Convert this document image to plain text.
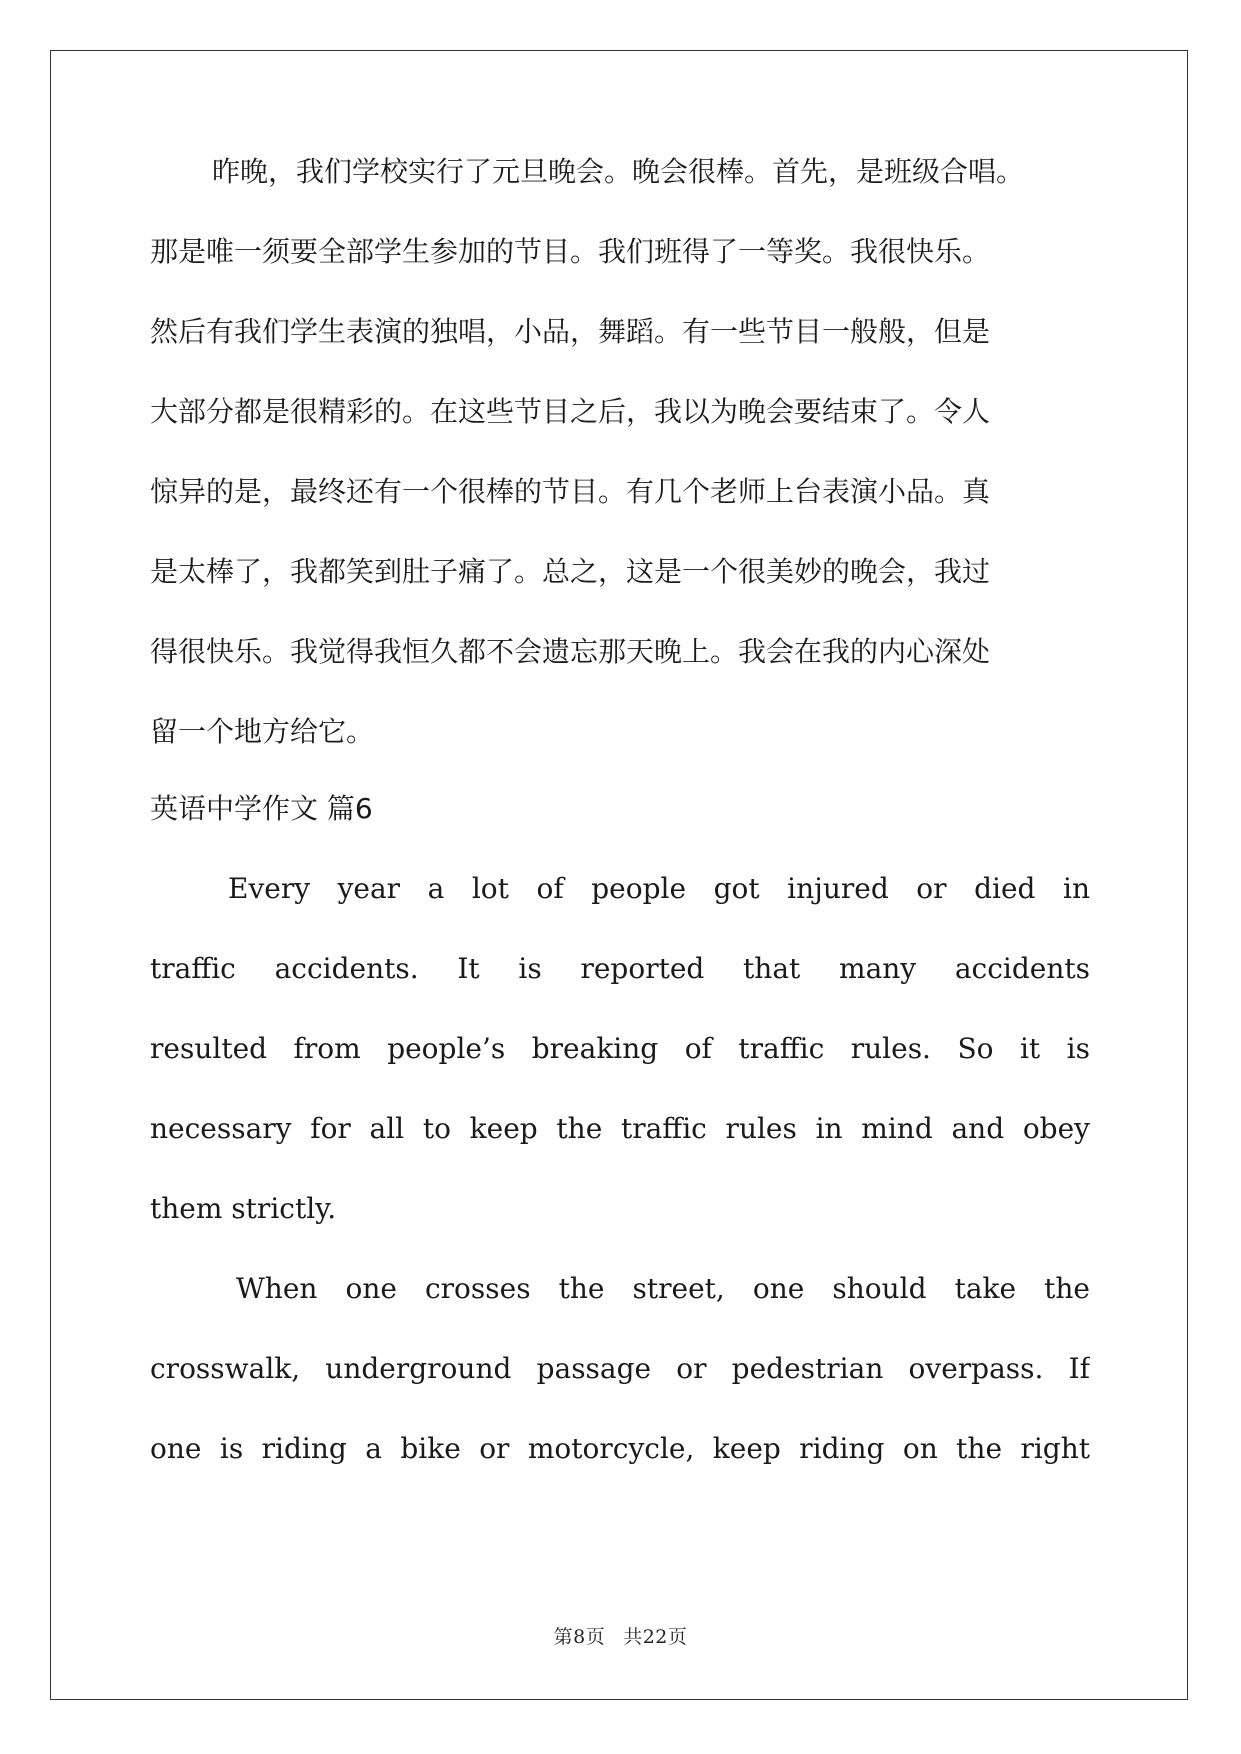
昨晚，我们学校实行了元旦晚会。晚会很棒。首先，是班级合唱。
那是唯一须要全部学生参加的节目。我们班得了一等奖。我很快乐。
然后有我们学生表演的独唱，小品，舞蹈。有一些节目一般般，但是
大部分都是很精彩的。在这些节目之后，我以为晚会要结束了。令人
惊异的是，最终还有一个很棒的节目。有几个老师上台表演小品。真
是太棒了，我都笑到肚子痛了。总之，这是一个很美妙的晚会，我过
得很快乐。我觉得我恒久都不会遗忘那天晚上。我会在我的内心深处
留一个地方给它。
英语中学作文 篇6
Every year a lot of people got injured or died in
traffic accidents. It is reported that many accidents
resulted from people’s breaking of traffic rules. So it is
necessary for all to keep the traffic rules in mind and obey
them strictly.
When one crosses the street, one should take the
crosswalk, underground passage or pedestrian overpass. If
one is riding a bike or motorcycle, keep riding on the right
第8页 共22页
